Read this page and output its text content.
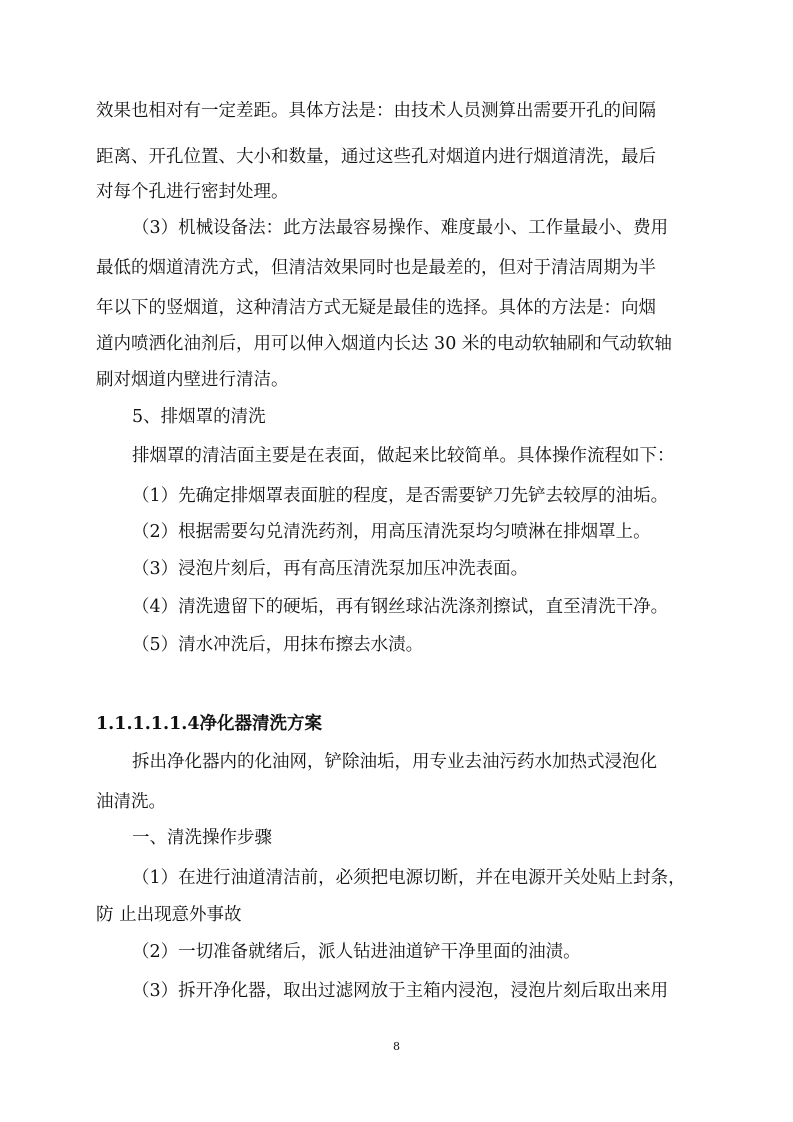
效果也相对有一定差距。具体方法是：由技术人员测算出需要开孔的间隔
距离、开孔位置、大小和数量，通过这些孔对烟道内进行烟道清洗，最后
对每个孔进行密封处理。
（3）机械设备法：此方法最容易操作、难度最小、工作量最小、费用
最低的烟道清洗方式，但清洁效果同时也是最差的，但对于清洁周期为半
年以下的竖烟道，这种清洁方式无疑是最佳的选择。具体的方法是：向烟
道内喷洒化油剂后，用可以伸入烟道内长达 30 米的电动软轴刷和气动软轴
刷对烟道内壁进行清洁。
5、排烟罩的清洗
排烟罩的清洁面主要是在表面，做起来比较简单。具体操作流程如下：
（1）先确定排烟罩表面脏的程度，是否需要铲刀先铲去较厚的油垢。
（2）根据需要勾兑清洗药剂，用高压清洗泵均匀喷淋在排烟罩上。
（3）浸泡片刻后，再有高压清洗泵加压冲洗表面。
（4）清洗遗留下的硬垢，再有钢丝球沾洗涤剂擦试，直至清洗干净。
（5）清水冲洗后，用抹布擦去水渍。
1.1.1.1.1.4净化器清洗方案
拆出净化器内的化油网，铲除油垢，用专业去油污药水加热式浸泡化
油清洗。
一、清洗操作步骤
（1）在进行油道清洁前，必须把电源切断，并在电源开关处贴上封条，
防 止出现意外事故
（2）一切准备就绪后，派人钻进油道铲干净里面的油渍。
（3）拆开净化器，取出过滤网放于主箱内浸泡，浸泡片刻后取出来用
8
